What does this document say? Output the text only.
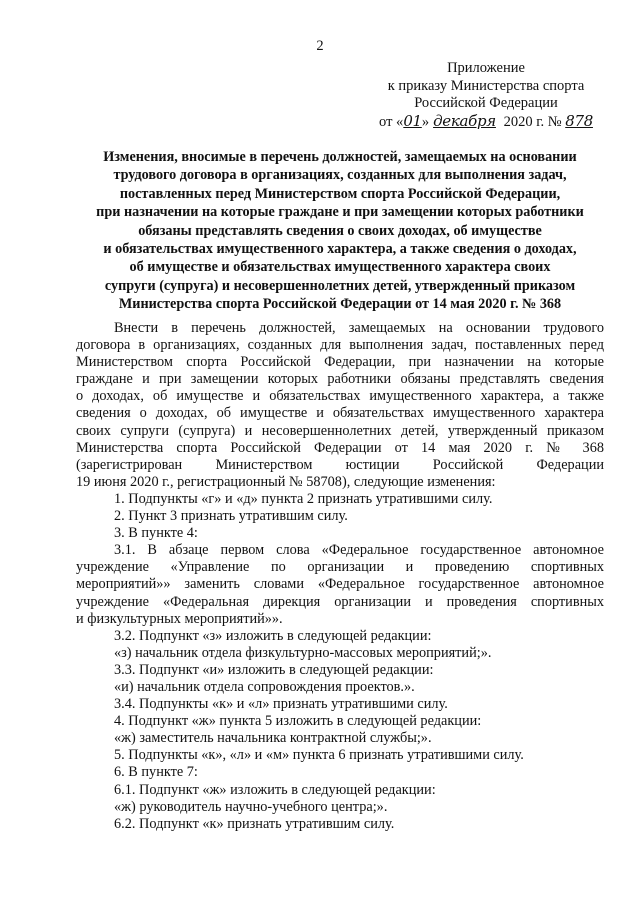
2
Приложение
к приказу Министерства спорта
Российской Федерации
от «01» декабря 2020 г. № 878
Изменения, вносимые в перечень должностей, замещаемых на основании
трудового договора в организациях, созданных для выполнения задач,
поставленных перед Министерством спорта Российской Федерации,
при назначении на которые граждане и при замещении которых работники
обязаны представлять сведения о своих доходах, об имуществе
и обязательствах имущественного характера, а также сведения о доходах,
об имуществе и обязательствах имущественного характера своих
супруги (супруга) и несовершеннолетних детей, утвержденный приказом
Министерства спорта Российской Федерации от 14 мая 2020 г. № 368
Внести в перечень должностей, замещаемых на основании трудового
договора в организациях, созданных для выполнения задач, поставленных перед
Министерством спорта Российской Федерации, при назначении на которые
граждане и при замещении которых работники обязаны представлять сведения
о доходах, об имуществе и обязательствах имущественного характера, а также
сведения о доходах, об имуществе и обязательствах имущественного характера
своих супруги (супруга) и несовершеннолетних детей, утвержденный приказом
Министерства спорта Российской Федерации от 14 мая 2020 г. № 368
(зарегистрирован Министерством юстиции Российской Федерации
19 июня 2020 г., регистрационный № 58708), следующие изменения:
1. Подпункты «г» и «д» пункта 2 признать утратившими силу.
2. Пункт 3 признать утратившим силу.
3. В пункте 4:
3.1. В абзаце первом слова «Федеральное государственное автономное
учреждение «Управление по организации и проведению спортивных
мероприятий»» заменить словами «Федеральное государственное автономное
учреждение «Федеральная дирекция организации и проведения спортивных
и физкультурных мероприятий»».
3.2. Подпункт «з» изложить в следующей редакции:
«з) начальник отдела физкультурно-массовых мероприятий;».
3.3. Подпункт «и» изложить в следующей редакции:
«и) начальник отдела сопровождения проектов.».
3.4. Подпункты «к» и «л» признать утратившими силу.
4. Подпункт «ж» пункта 5 изложить в следующей редакции:
«ж) заместитель начальника контрактной службы;».
5. Подпункты «к», «л» и «м» пункта 6 признать утратившими силу.
6. В пункте 7:
6.1. Подпункт «ж» изложить в следующей редакции:
«ж) руководитель научно-учебного центра;».
6.2. Подпункт «к» признать утратившим силу.
